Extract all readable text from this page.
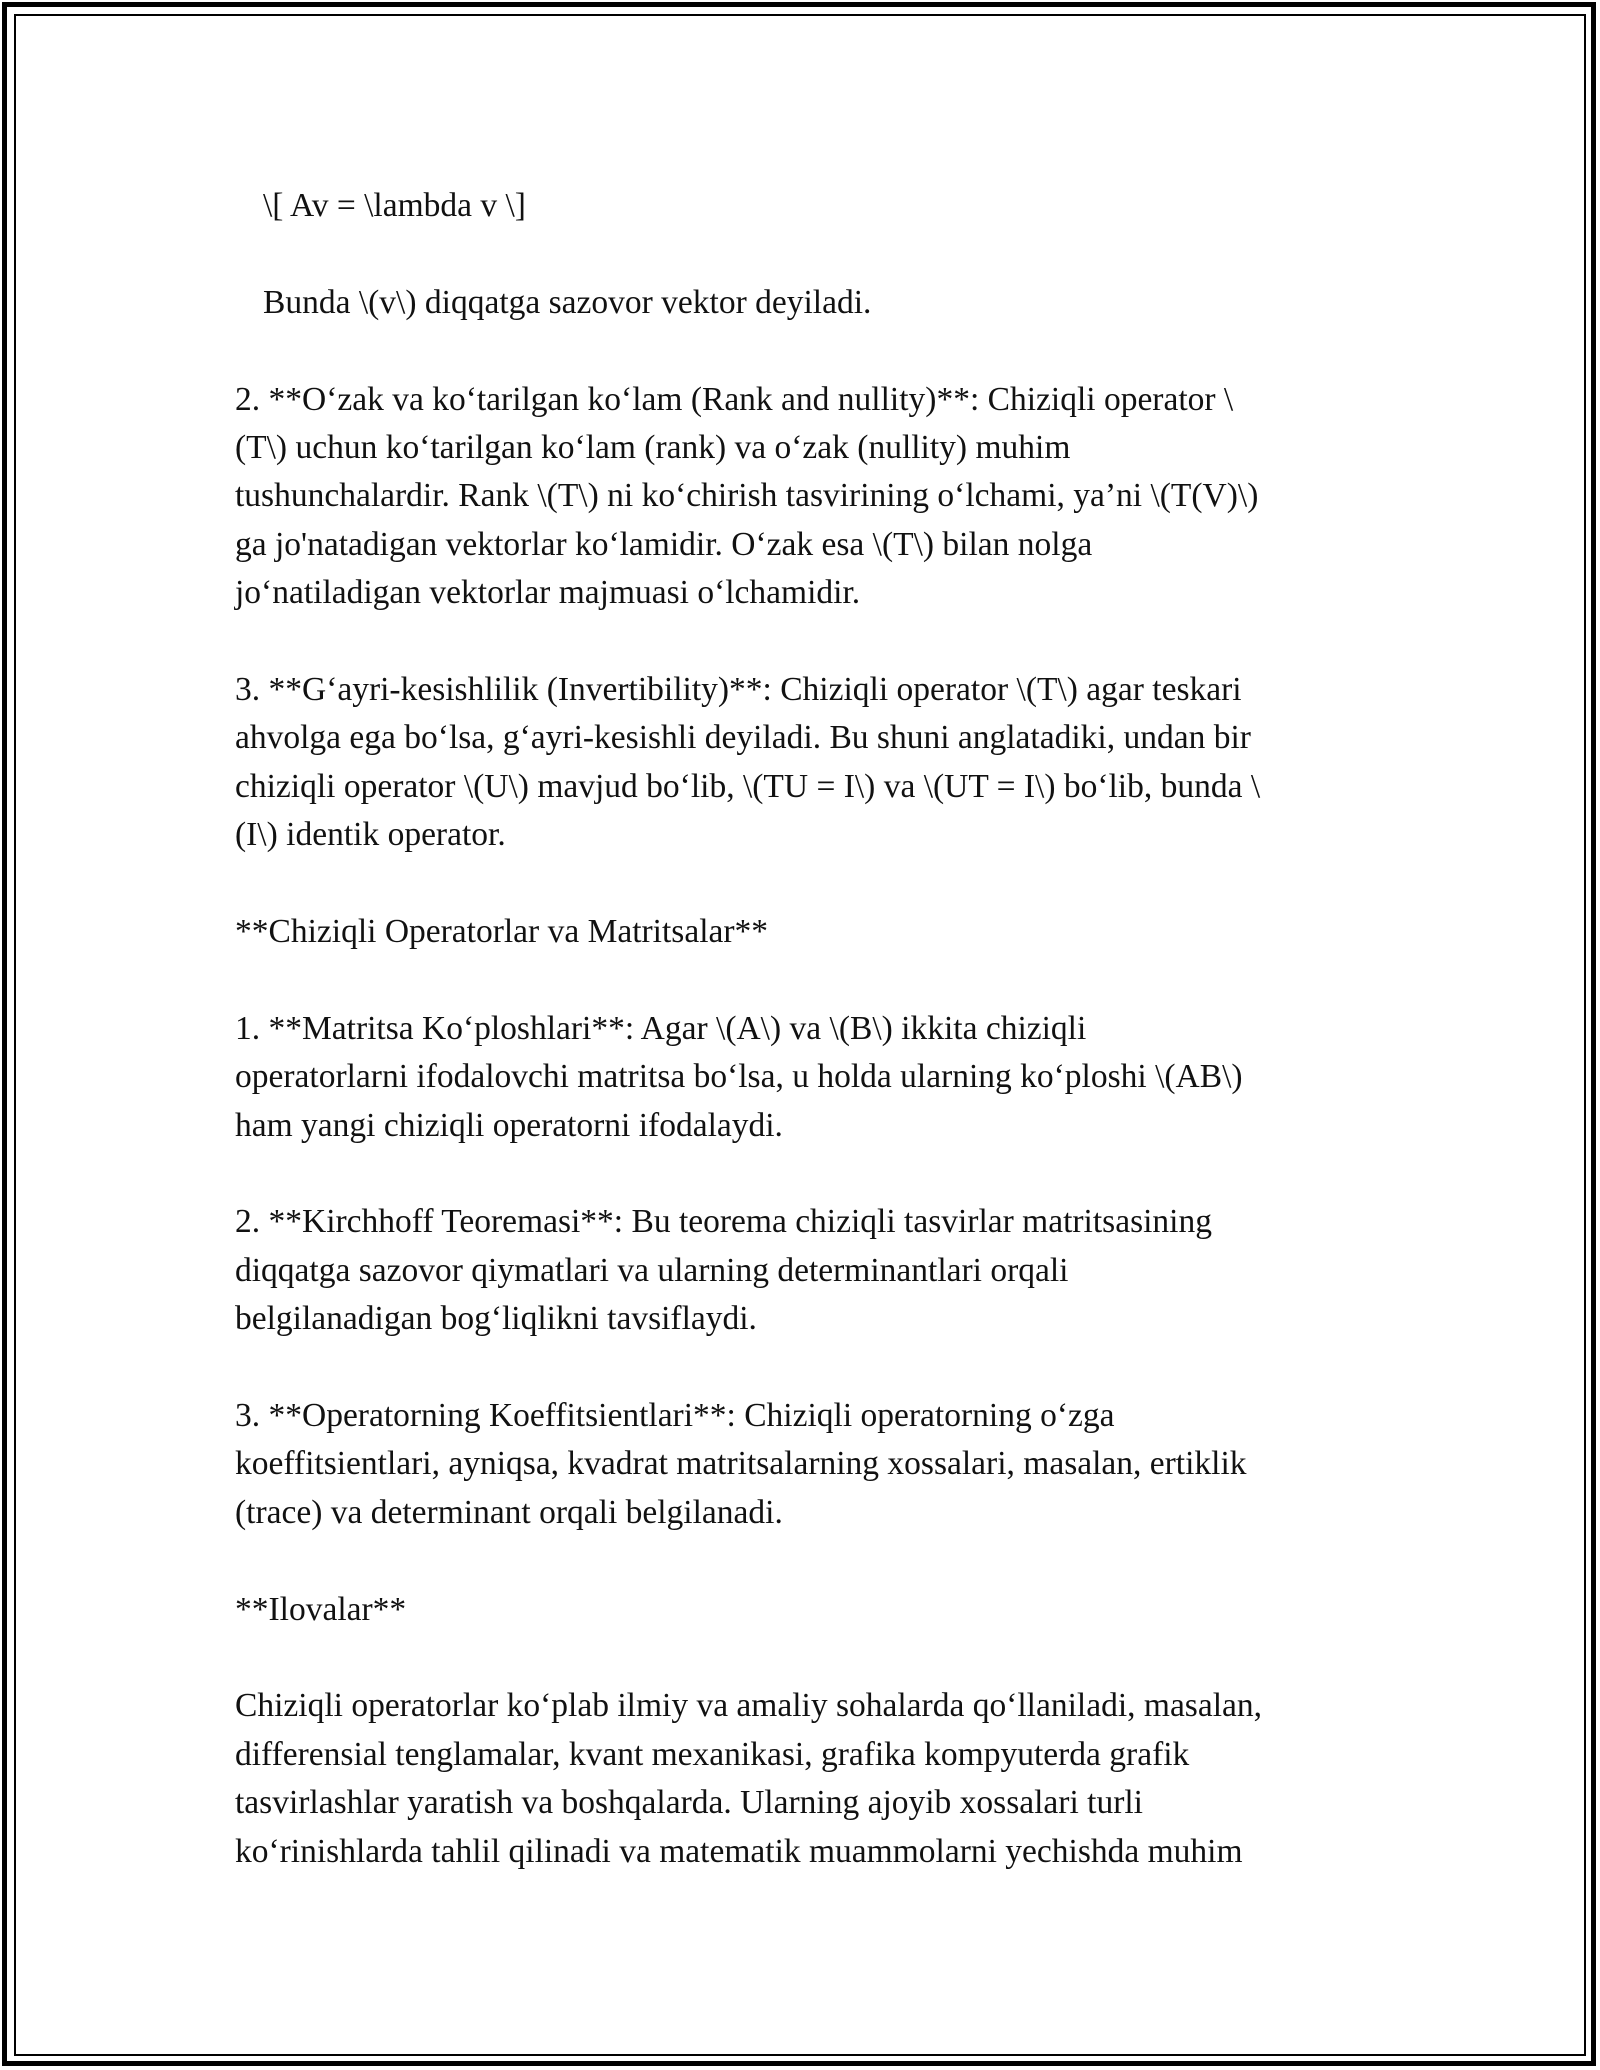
\[ Av = \lambda v \]
Bunda \(v\) diqqatga sazovor vektor deyiladi.
2. **O‘zak va ko‘tarilgan ko‘lam (Rank and nullity)**: Chiziqli operator \
(T\) uchun ko‘tarilgan ko‘lam (rank) va o‘zak (nullity) muhim
tushunchalardir. Rank \(T\) ni ko‘chirish tasvirining o‘lchami, ya’ni \(T(V)\)
ga jo'natadigan vektorlar ko‘lamidir. O‘zak esa \(T\) bilan nolga
jo‘natiladigan vektorlar majmuasi o‘lchamidir.
3. **G‘ayri-kesishlilik (Invertibility)**: Chiziqli operator \(T\) agar teskari
ahvolga ega bo‘lsa, g‘ayri-kesishli deyiladi. Bu shuni anglatadiki, undan bir
chiziqli operator \(U\) mavjud bo‘lib, \(TU = I\) va \(UT = I\) bo‘lib, bunda \
(I\) identik operator.
**Chiziqli Operatorlar va Matritsalar**
1. **Matritsa Ko‘ploshlari**: Agar \(A\) va \(B\) ikkita chiziqli
operatorlarni ifodalovchi matritsa bo‘lsa, u holda ularning ko‘ploshi \(AB\)
ham yangi chiziqli operatorni ifodalaydi.
2. **Kirchhoff Teoremasi**: Bu teorema chiziqli tasvirlar matritsasining
diqqatga sazovor qiymatlari va ularning determinantlari orqali
belgilanadigan bog‘liqlikni tavsiflaydi.
3. **Operatorning Koeffitsientlari**: Chiziqli operatorning o‘zga
koeffitsientlari, ayniqsa, kvadrat matritsalarning xossalari, masalan, ertiklik
(trace) va determinant orqali belgilanadi.
**Ilovalar**
Chiziqli operatorlar ko‘plab ilmiy va amaliy sohalarda qo‘llaniladi, masalan,
differensial tenglamalar, kvant mexanikasi, grafika kompyuterda grafik
tasvirlashlar yaratish va boshqalarda. Ularning ajoyib xossalari turli
ko‘rinishlarda tahlil qilinadi va matematik muammolarni yechishda muhim
